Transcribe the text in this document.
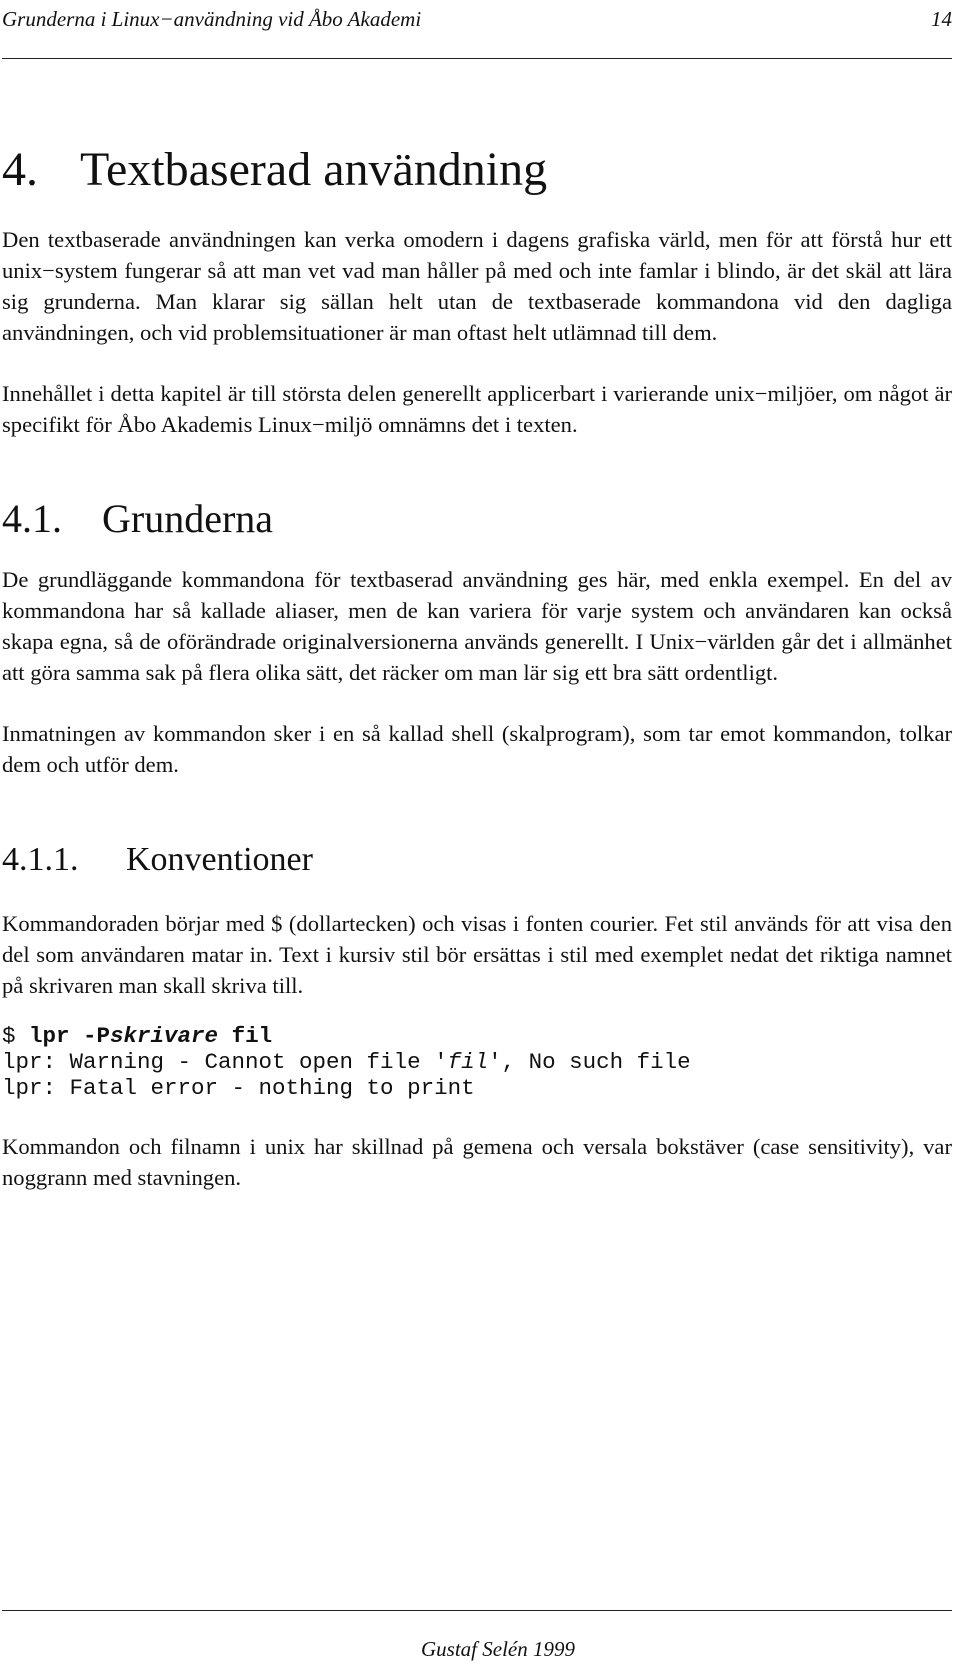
Grunderna i Linux−användning vid Åbo Akademi	14
4. Textbaserad användning

Den textbaserade användningen kan verka omodern i dagens grafiska värld, men för att förstå hur ett unix−system fungerar så att man vet vad man håller på med och inte famlar i blindo, är det skäl att lära sig grunderna. Man klarar sig sällan helt utan de textbaserade kommandona vid den dagliga användningen, och vid problemsituationer är man oftast helt utlämnad till dem.

Innehållet i detta kapitel är till största delen generellt applicerbart i varierande unix−miljöer, om något är specifikt för Åbo Akademis Linux−miljö omnämns det i texten.

4.1. Grunderna

De grundläggande kommandona för textbaserad användning ges här, med enkla exempel. En del av kommandona har så kallade aliaser, men de kan variera för varje system och användaren kan också skapa egna, så de oförändrade originalversionerna används generellt. I Unix−världen går det i allmänhet att göra samma sak på flera olika sätt, det räcker om man lär sig ett bra sätt ordentligt.

Inmatningen av kommandon sker i en så kallad shell (skalprogram), som tar emot kommandon, tolkar dem och utför dem.

4.1.1. Konventioner

Kommandoraden börjar med $ (dollartecken) och visas i fonten courier. Fet stil används för att visa den del som användaren matar in. Text i kursiv stil bör ersättas i stil med exemplet nedat det riktiga namnet på skrivaren man skall skriva till.

$ lpr -Pskrivare fil
lpr: Warning - Cannot open file 'fil', No such file
lpr: Fatal error - nothing to print

Kommandon och filnamn i unix har skillnad på gemena och versala bokstäver (case sensitivity), var noggrann med stavningen.

Gustaf Selén 1999
